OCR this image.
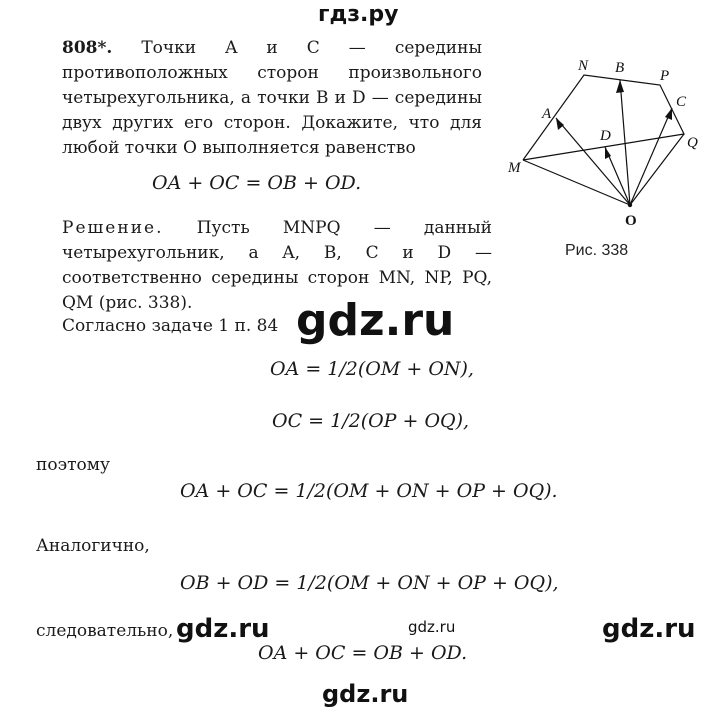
гдз.ру
808*. Точки A и C — середины противоположных сторон произвольного четырехугольника, а точки B и D — середины двух других его сторон. Докажите, что для любой точки O выполняется равенство
OA + OC = OB + OD.
N B P
A
C
D
M
Q
O
Рис. 338
Решение. Пусть MNPQ — данный четырехугольник, а A, B, C и D — соответственно середины сторон MN, NP, PQ, QM (рис. 338).
Согласно задаче 1 п. 84 gdz.ru
OA = 1/2(OM + ON),
OC = 1/2(OP + OQ),
поэтому
OA + OC = 1/2(OM + ON + OP + OQ).
Аналогично,
OB + OD = 1/2(OM + ON + OP + OQ),
следовательно, gdz.ru	gdz.ru	gdz.ru
OA + OC = OB + OD.
gdz.ru
